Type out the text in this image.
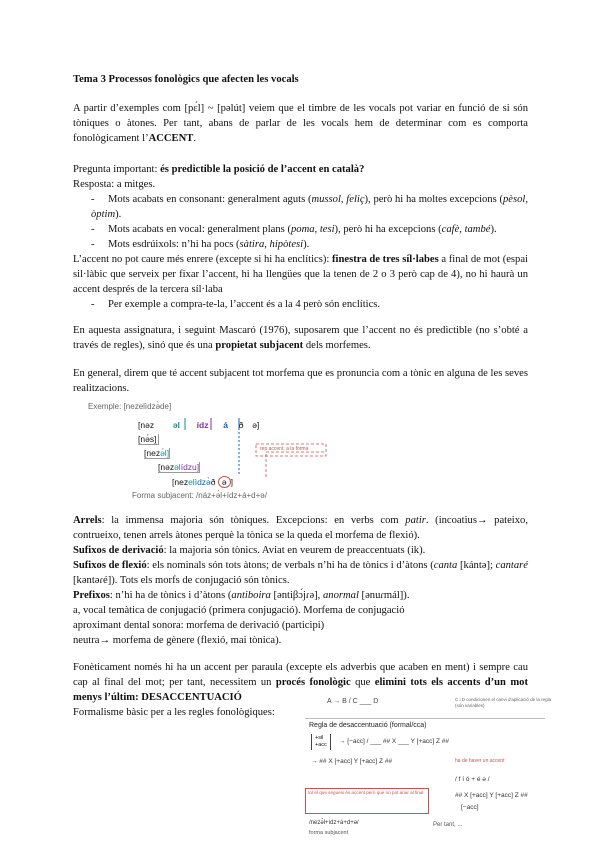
Tema 3 Processos fonològics que afecten les vocals
A partir d’exemples com [pɛ́l] ~ [pəlút] veiem que el timbre de les vocals pot variar en funció de si són tòniques o àtones. Per tant, abans de parlar de les vocals hem de determinar com es comporta fonològicament l’ACCENT.
Pregunta important: és predictible la posició de l’accent en català?
Resposta: a mitges.
- Mots acabats en consonant: generalment aguts (mussol, feliç), però hi ha moltes excepcions (pèsol, òptim).
- Mots acabats en vocal: generalment plans (poma, tesi), però hi ha excepcions (cafè, també).
- Mots esdrúixols: n’hi ha pocs (sàtira, hipòtesi).
L’accent no pot caure més enrere (excepte si hi ha enclítics): finestra de tres síl·labes a final de mot (espai sil·làbic que serveix per fixar l’accent, hi ha llengües que la tenen de 2 o 3 però cap de 4), no hi haurà un accent després de la tercera síl·laba
- Per exemple a compra-te-la, l’accent és a la 4 però són enclítics.
En aquesta assignatura, i seguint Mascaró (1976), suposarem que l’accent no és predictible (no s’obté a través de regles), sinó que és una propietat subjacent dels morfemes.
En general, direm que té accent subjacent tot morfema que es pronuncia com a tònic en alguna de les seves realitzacions.
Exemple: [nezelìdzə̀de]
[nəz əl ídz á ð ə]
[nə́s]
[nezə́l]
[nəzəlídzu]
[nezelìdzə̀ð ə ]
rep accent, a la forma
Forma subjacent: /náz+ə́l+ídz+á+d+ə/
Arrels: la immensa majoria són tòniques. Excepcions: en verbs com patir. (incoatius→ pateixo, contrueixo, tenen arrels àtones perquè la tònica se la queda el morfema de flexió).
Sufixos de derivació: la majoria són tònics. Aviat en veurem de preaccentuats (ik).
Sufixos de flexió: els nominals són tots àtons; de verbals n’hi ha de tònics i d’àtons (canta [kántə]; cantaré [kəntəɾé]). Tots els morfs de conjugació són tònics.
Prefixos: n’hi ha de tònics i d’àtons (antiboira [əntiβɔ́jɾə], anormal [ənuɾmál]).
a, vocal temàtica de conjugació (primera conjugació). Morfema de conjugació
aproximant dental sonora: morfema de derivació (participi)
neutra→ morfema de gènere (flexió, mai tònica).
Fonèticament només hi ha un accent per paraula (excepte els adverbis que acaben en ment) i sempre cau cap al final del mot; per tant, necessitem un procés fonològic que elimini tots els accents d’un mot menys l’últim: DESACCENTUACIÓ
Formalisme bàsic per a les regles fonològiques:
A → B / C ___ D	C i D condicionen el canvi d'aplicació de la regla (són variables)
Regla de desaccentuació (formal/cca)
+sil
+acc	→ [−acc] / ___ ## X ___ Y [+acc] Z ##
→ ## X [+acc] Y [+acc] Z ##	ha de haver un accent
/ f í ó + é ə /
## X [+acc] Y [+acc] Z ##
[−acc]
tot el que segueix és accent però que no pot anar al final
/nezə́l+ídz+á+d+ə/
forma subjacent
Per tant, ...
